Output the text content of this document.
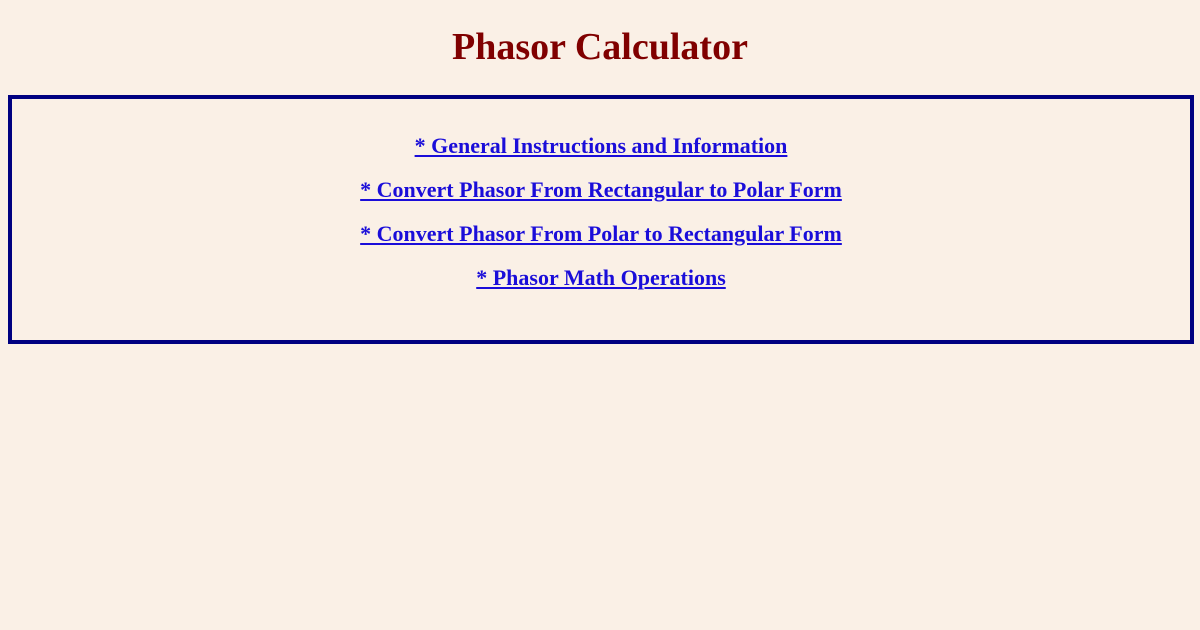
Phasor Calculator
* General Instructions and Information
* Convert Phasor From Rectangular to Polar Form
* Convert Phasor From Polar to Rectangular Form
* Phasor Math Operations
